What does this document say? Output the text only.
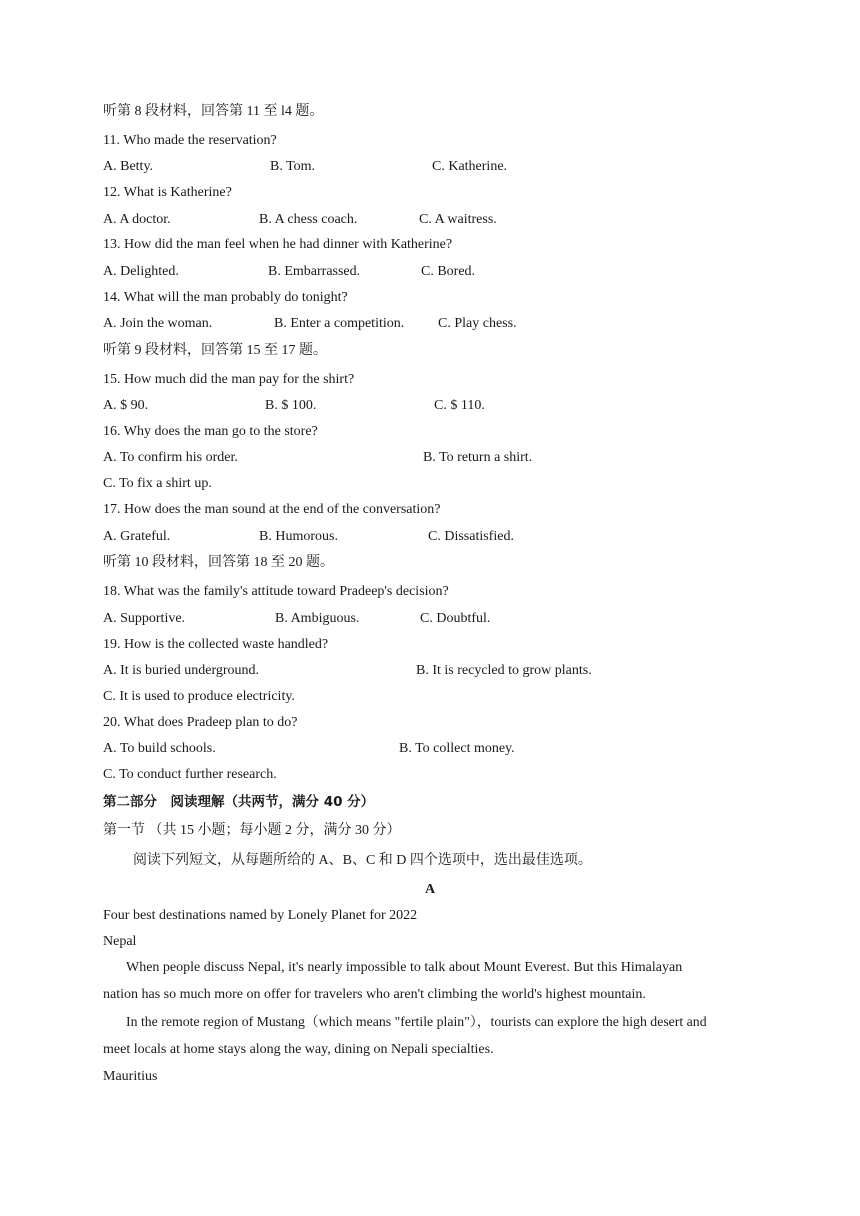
听第 8 段材料，回答第 11 至 l4 题。
11. Who made the reservation?
A. Betty.	B. Tom.	C. Katherine.
12. What is Katherine?
A. A doctor.	B. A chess coach.	C. A waitress.
13. How did the man feel when he had dinner with Katherine?
A. Delighted.	B. Embarrassed.	C. Bored.
14. What will the man probably do tonight?
A. Join the woman.	B. Enter a competition. C. Play chess.
听第 9 段材料，回答第 15 至 17 题。
15. How much did the man pay for the shirt?
A. $ 90.	B. $ 100.	C. $ 110.
16. Why does the man go to the store?
A. To confirm his order.	B. To return a shirt.
C. To fix a shirt up.
17. How does the man sound at the end of the conversation?
A. Grateful.	B. Humorous.	C. Dissatisfied.
听第 10 段材料，回答第 18 至 20 题。
18. What was the family's attitude toward Pradeep's decision?
A. Supportive.	B. Ambiguous.	C. Doubtful.
19. How is the collected waste handled?
A. It is buried underground.	B. It is recycled to grow plants.
C. It is used to produce electricity.
20. What does Pradeep plan to do?
A. To build schools.	B. To collect money.
C. To conduct further research.
第二部分　阅读理解（共两节，满分 40 分）
第一节 （共 15 小题；每小题 2 分，满分 30 分）
阅读下列短文，从每题所给的 A、B、C 和 D 四个选项中，选出最佳选项。
A
Four best destinations named by Lonely Planet for 2022
Nepal
When people discuss Nepal, it's nearly impossible to talk about Mount Everest. But this Himalayan
nation has so much more on offer for travelers who aren't climbing the world's highest mountain.
In the remote region of Mustang（which means "fertile plain"），tourists can explore the high desert and
meet locals at home stays along the way, dining on Nepali specialties.
Mauritius
